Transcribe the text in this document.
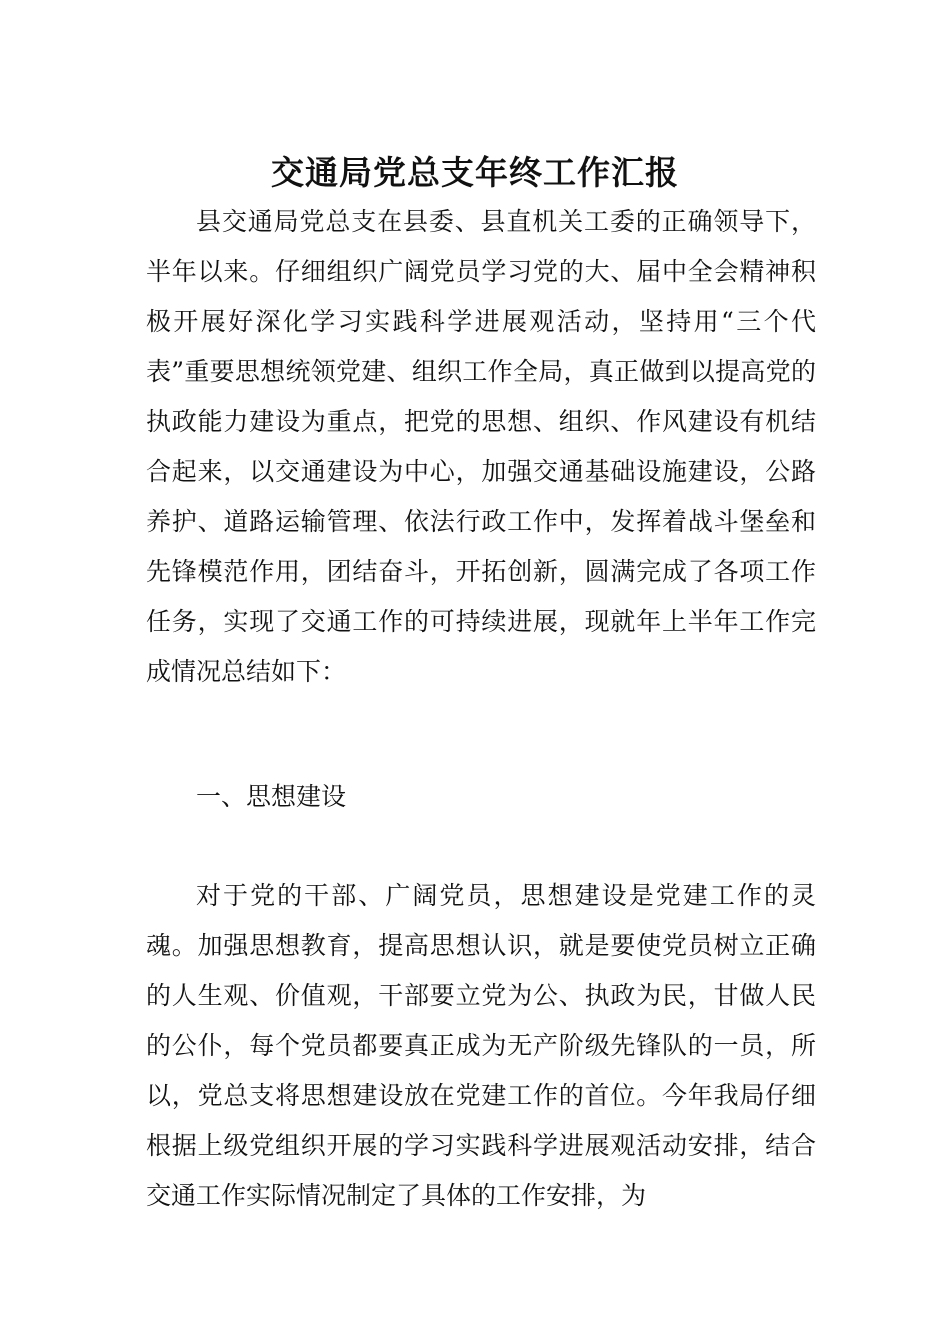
交通局党总支年终工作汇报

县交通局党总支在县委、县直机关工委的正确领导下，半年以来。仔细组织广阔党员学习党的大、届中全会精神积极开展好深化学习实践科学进展观活动，坚持用“三个代表”重要思想统领党建、组织工作全局，真正做到以提高党的执政能力建设为重点，把党的思想、组织、作风建设有机结合起来，以交通建设为中心，加强交通基础设施建设，公路养护、道路运输管理、依法行政工作中，发挥着战斗堡垒和先锋模范作用，团结奋斗，开拓创新，圆满完成了各项工作任务，实现了交通工作的可持续进展，现就年上半年工作完成情况总结如下：

一、思想建设

对于党的干部、广阔党员，思想建设是党建工作的灵魂。加强思想教育，提高思想认识，就是要使党员树立正确的人生观、价值观，干部要立党为公、执政为民，甘做人民的公仆，每个党员都要真正成为无产阶级先锋队的一员，所以，党总支将思想建设放在党建工作的首位。今年我局仔细根据上级党组织开展的学习实践科学进展观活动安排，结合交通工作实际情况制定了具体的工作安排，为
